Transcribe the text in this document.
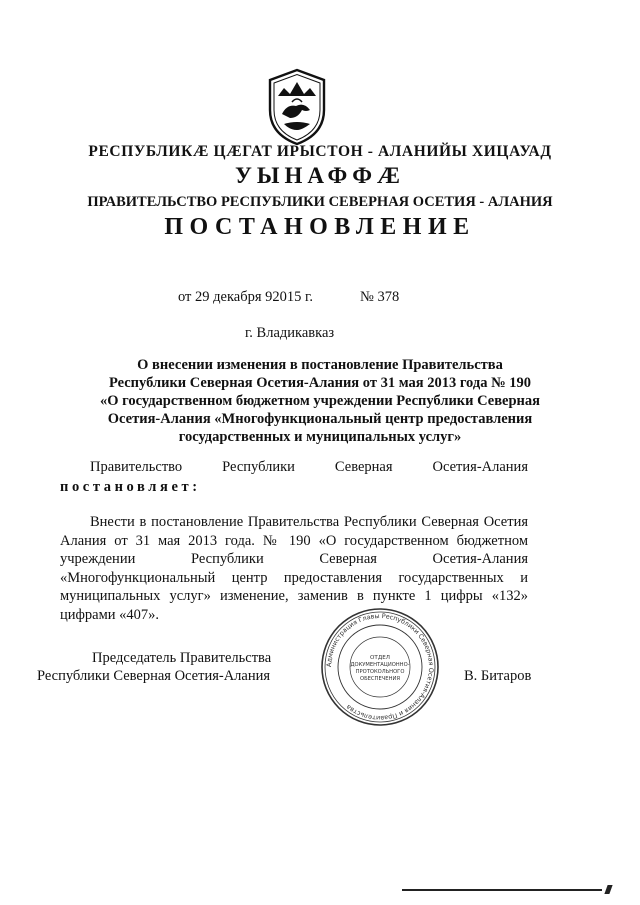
РЕСПУБЛИКӔ ЦӔГАТ ИРЫСТОН - АЛАНИЙЫ ХИЦАУАД
УЫНАФФӔ
ПРАВИТЕЛЬСТВО РЕСПУБЛИКИ СЕВЕРНАЯ ОСЕТИЯ - АЛАНИЯ
ПОСТАНОВЛЕНИЕ
от 29 декабря 92015 г.	№ 378
г. Владикавказ
О внесении изменения в постановление Правительства
Республики Северная Осетия-Алания от 31 мая 2013 года № 190
«О государственном бюджетном учреждении Республики Северная
Осетия-Алания «Многофункциональный центр предоставления
государственных и муниципальных услуг»
Правительство Республики Северная Осетия-Алания
постановляет:
Внести в постановление Правительства Республики Северная Осетия Алания от 31 мая 2013 года. № 190 «О государственном бюджетном учреждении Республики Северная Осетия-Алания «Многофункциональный центр предоставления государственных и муниципальных услуг» изменение, заменив в пункте 1 цифры «132» цифрами «407».
Председатель Правительства
Республики Северная Осетия-Алания	В. Битаров
Администрация Главы Республики Северная Осетия-Алания и Правительства
ОТДЕЛ
ДОКУМЕНТАЦИОННО-
ПРОТОКОЛЬНОГО
ОБЕСПЕЧЕНИЯ
